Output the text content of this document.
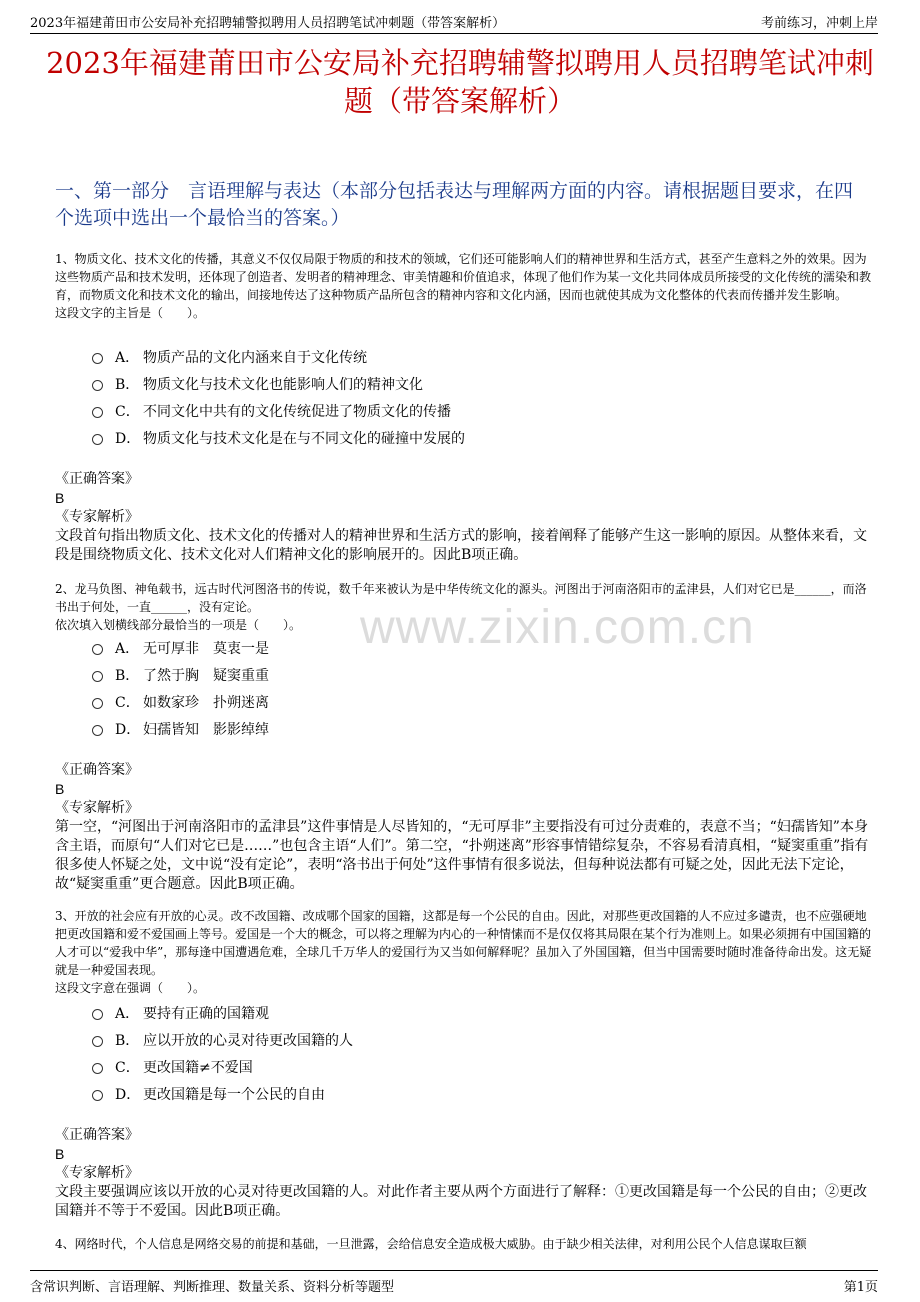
2023年福建莆田市公安局补充招聘辅警拟聘用人员招聘笔试冲刺题（带答案解析）	考前练习，冲刺上岸
2023年福建莆田市公安局补充招聘辅警拟聘用人员招聘笔试冲刺题（带答案解析）
一、第一部分　言语理解与表达（本部分包括表达与理解两方面的内容。请根据题目要求，在四个选项中选出一个最恰当的答案。）
www.zixin.com.cn

1、物质文化、技术文化的传播，其意义不仅仅局限于物质的和技术的领域，它们还可能影响人们的精神世界和生活方式，甚至产生意料之外的效果。因为这些物质产品和技术发明，还体现了创造者、发明者的精神理念、审美情趣和价值追求，体现了他们作为某一文化共同体成员所接受的文化传统的濡染和教育，而物质文化和技术文化的输出，间接地传达了这种物质产品所包含的精神内容和文化内涵，因而也就使其成为文化整体的代表而传播并发生影响。

这段文字的主旨是（　　）。

A． 物质产品的文化内涵来自于文化传统
B． 物质文化与技术文化也能影响人们的精神文化
C． 不同文化中共有的文化传统促进了物质文化的传播
D． 物质文化与技术文化是在与不同文化的碰撞中发展的

《正确答案》

B

《专家解析》

文段首句指出物质文化、技术文化的传播对人的精神世界和生活方式的影响，接着阐释了能够产生这一影响的原因。从整体来看，文段是围绕物质文化、技术文化对人们精神文化的影响展开的。因此B项正确。

2、龙马负图、神龟载书，远古时代河图洛书的传说，数千年来被认为是中华传统文化的源头。河图出于河南洛阳市的孟津县，人们对它已是______，而洛书出于何处，一直______，没有定论。

依次填入划横线部分最恰当的一项是（　　）。

A． 无可厚非　莫衷一是
B． 了然于胸　疑窦重重
C． 如数家珍　扑朔迷离
D． 妇孺皆知　影影绰绰

《正确答案》

B

《专家解析》

第一空，“河图出于河南洛阳市的孟津县”这件事情是人尽皆知的，“无可厚非”主要指没有可过分责难的，表意不当；“妇孺皆知”本身含主语，而原句“人们对它已是……”也包含主语“人们”。第二空，“扑朔迷离”形容事情错综复杂，不容易看清真相，“疑窦重重”指有很多使人怀疑之处，文中说“没有定论”，表明“洛书出于何处”这件事情有很多说法，但每种说法都有可疑之处，因此无法下定论，故“疑窦重重”更合题意。因此B项正确。

3、开放的社会应有开放的心灵。改不改国籍、改成哪个国家的国籍，这都是每一个公民的自由。因此，对那些更改国籍的人不应过多谴责，也不应强硬地把更改国籍和爱不爱国画上等号。爱国是一个大的概念，可以将之理解为内心的一种情愫而不是仅仅将其局限在某个行为准则上。如果必须拥有中国国籍的人才可以“爱我中华”，那每逢中国遭遇危难，全球几千万华人的爱国行为又当如何解释呢？虽加入了外国国籍，但当中国需要时随时准备待命出发。这无疑就是一种爱国表现。

这段文字意在强调（　　）。

A． 要持有正确的国籍观
B． 应以开放的心灵对待更改国籍的人
C． 更改国籍≠不爱国
D． 更改国籍是每一个公民的自由

《正确答案》

B

《专家解析》

文段主要强调应该以开放的心灵对待更改国籍的人。对此作者主要从两个方面进行了解释：①更改国籍是每一个公民的自由；②更改国籍并不等于不爱国。因此B项正确。

4、网络时代，个人信息是网络交易的前提和基础，一旦泄露，会给信息安全造成极大威胁。由于缺少相关法律，对利用公民个人信息谋取巨额

含常识判断、言语理解、判断推理、数量关系、资料分析等题型	第1页
